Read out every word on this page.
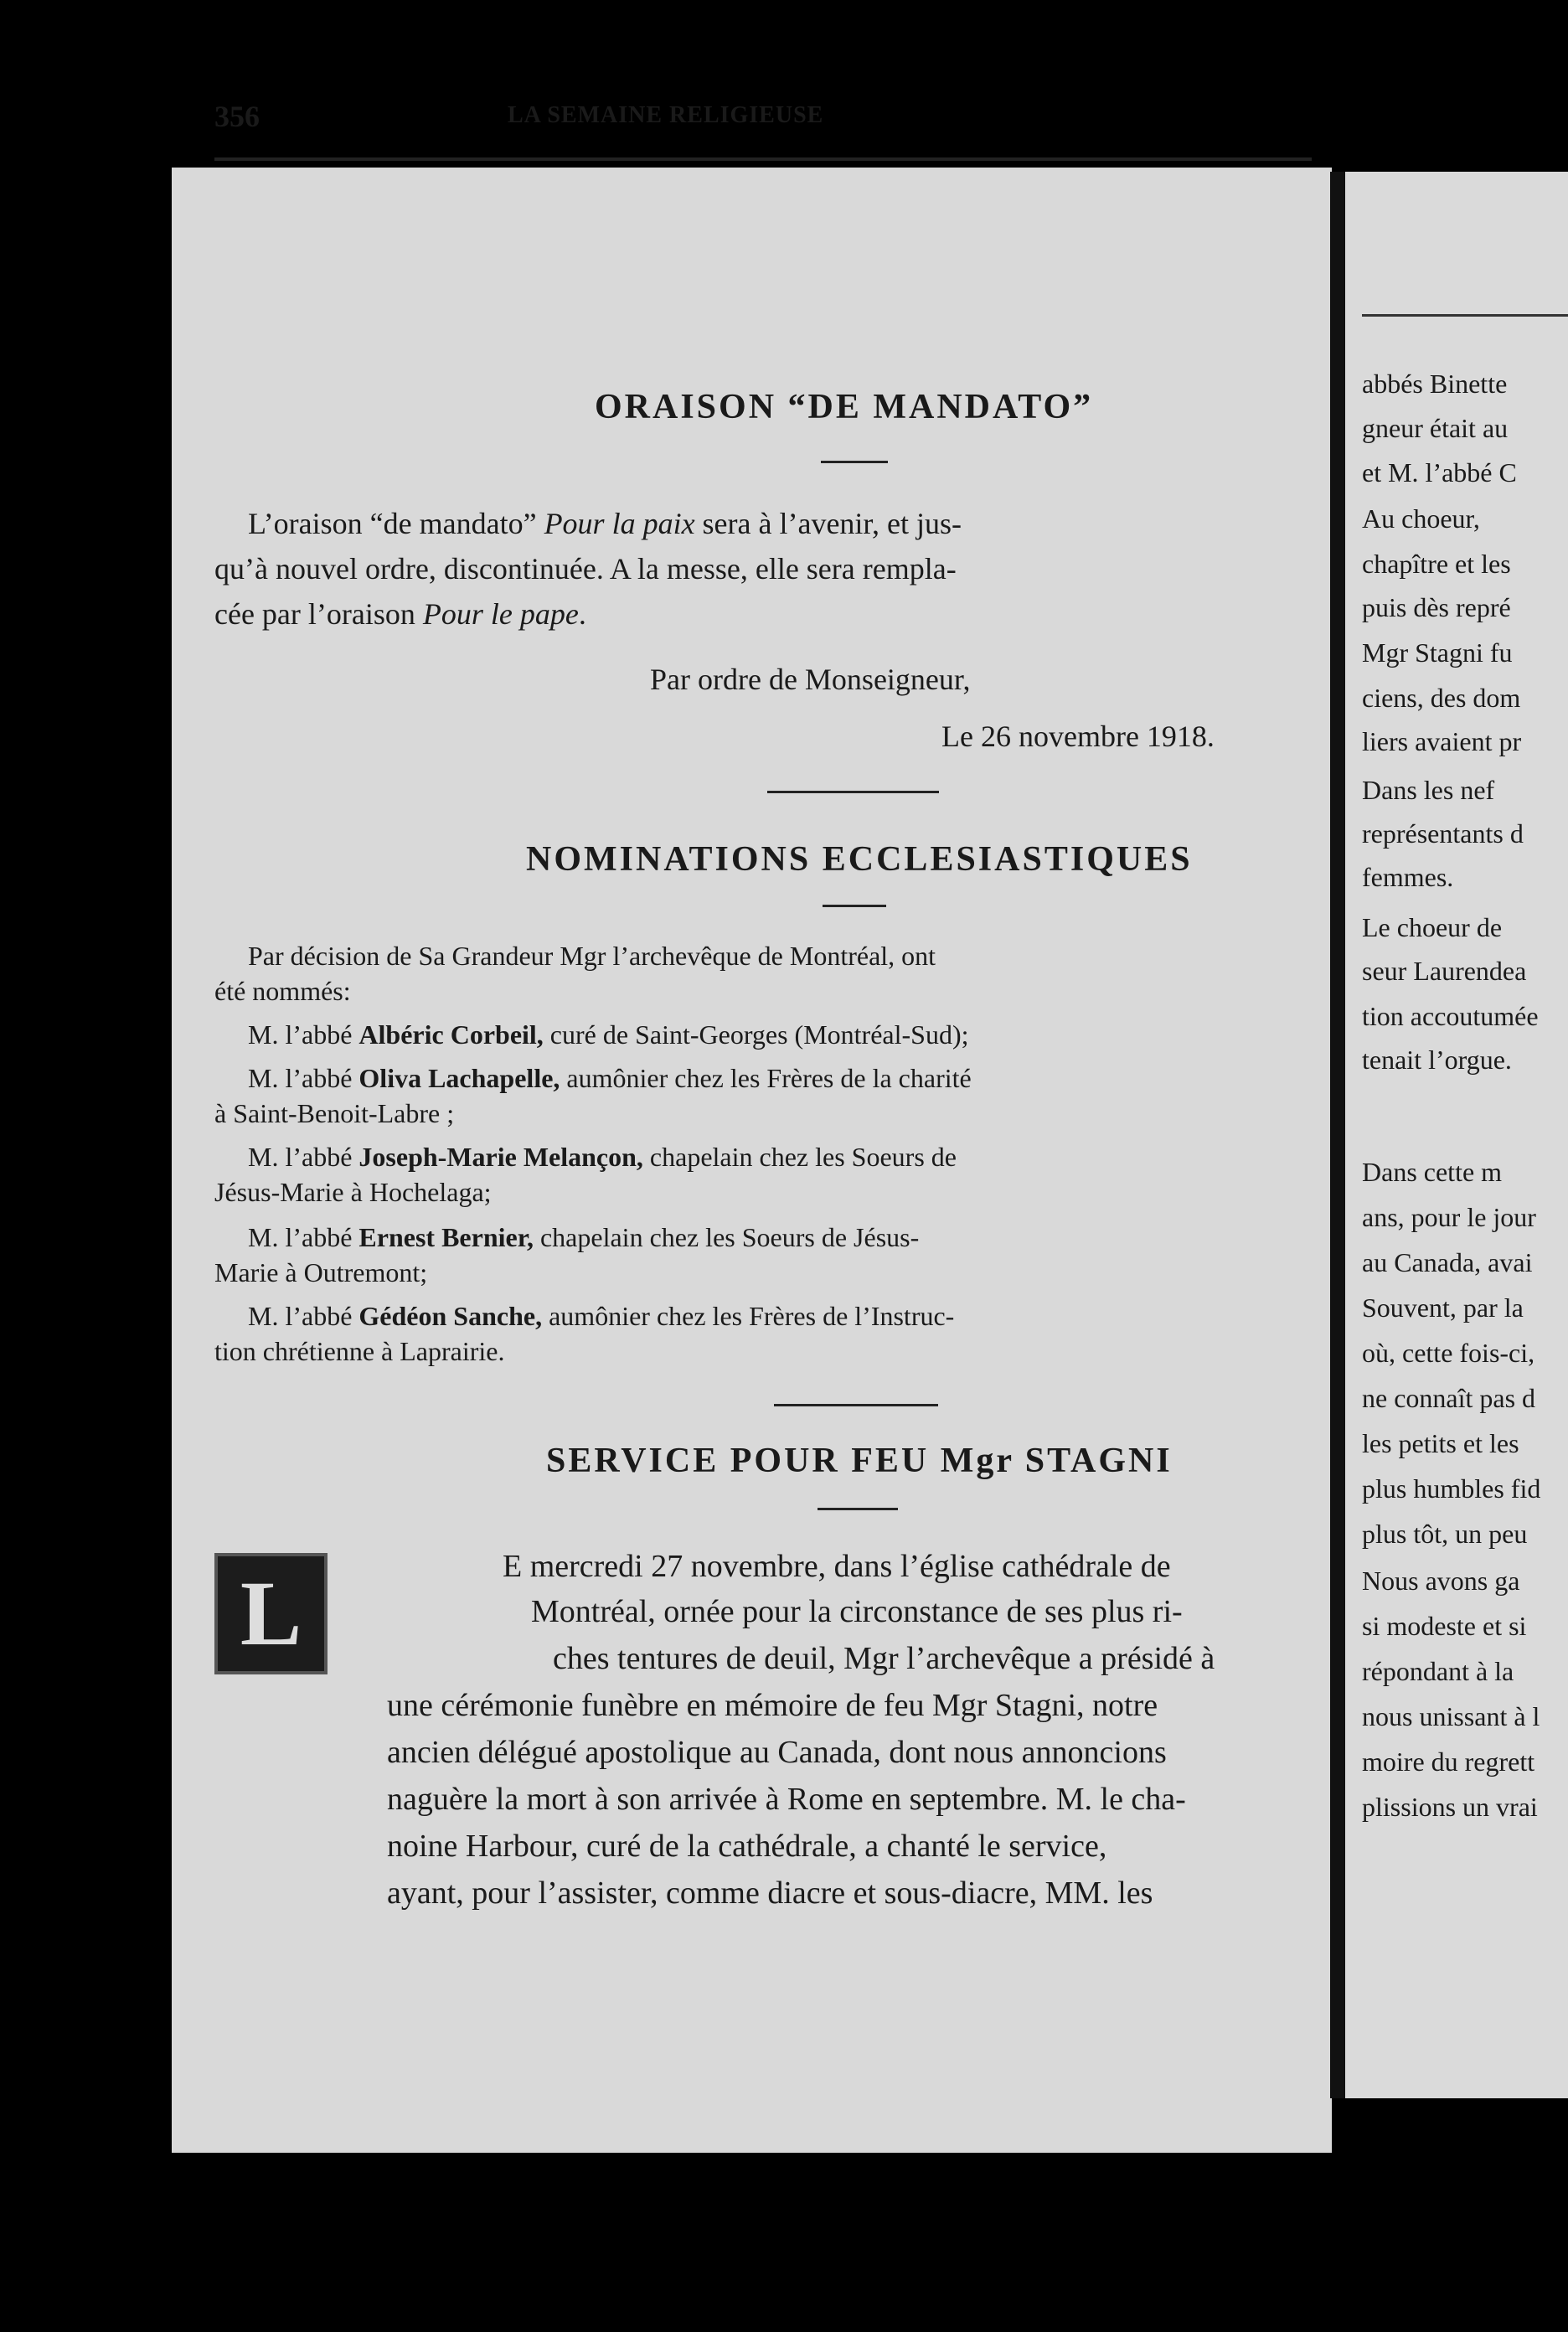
356	LA SEMAINE RELIGIEUSE
ORAISON “DE MANDATO”
L’oraison “de mandato” Pour la paix sera à l’avenir, et jus-
qu’à nouvel ordre, discontinuée. A la messe, elle sera rempla-
cée par l’oraison Pour le pape.
Par ordre de Monseigneur,
Le 26 novembre 1918.
NOMINATIONS ECCLESIASTIQUES
Par décision de Sa Grandeur Mgr l’archevêque de Montréal, ont
été nommés:
M. l’abbé Albéric Corbeil, curé de Saint-Georges (Montréal-Sud);
M. l’abbé Oliva Lachapelle, aumônier chez les Frères de la charité
à Saint-Benoit-Labre ;
M. l’abbé Joseph-Marie Melançon, chapelain chez les Soeurs de
Jésus-Marie à Hochelaga;
M. l’abbé Ernest Bernier, chapelain chez les Soeurs de Jésus-
Marie à Outremont;
M. l’abbé Gédéon Sanche, aumônier chez les Frères de l’Instruc-
tion chrétienne à Laprairie.
SERVICE POUR FEU Mgr STAGNI
L	E mercredi 27 novembre, dans l’église cathédrale de
Montréal, ornée pour la circonstance de ses plus ri-
ches tentures de deuil, Mgr l’archevêque a présidé à
une cérémonie funèbre en mémoire de feu Mgr Stagni, notre
ancien délégué apostolique au Canada, dont nous annoncions
naguère la mort à son arrivée à Rome en septembre. M. le cha-
noine Harbour, curé de la cathédrale, a chanté le service,
ayant, pour l’assister, comme diacre et sous-diacre, MM. les
abbés Binette
gneur était au
et M. l’abbé C
Au choeur,
chapître et les
puis dès repré
Mgr Stagni fu
ciens, des dom
liers avaient pr
Dans les nef
représentants d
femmes.
Le choeur de
seur Laurendea
tion accoutumée
tenait l’orgue.
Dans cette m
ans, pour le jour
au Canada, avai
Souvent, par la
où, cette fois-ci,
ne connaît pas d
les petits et les
plus humbles fid
plus tôt, un peu
Nous avons ga
si modeste et si
répondant à la
nous unissant à l
moire du regrett
plissions un vrai
